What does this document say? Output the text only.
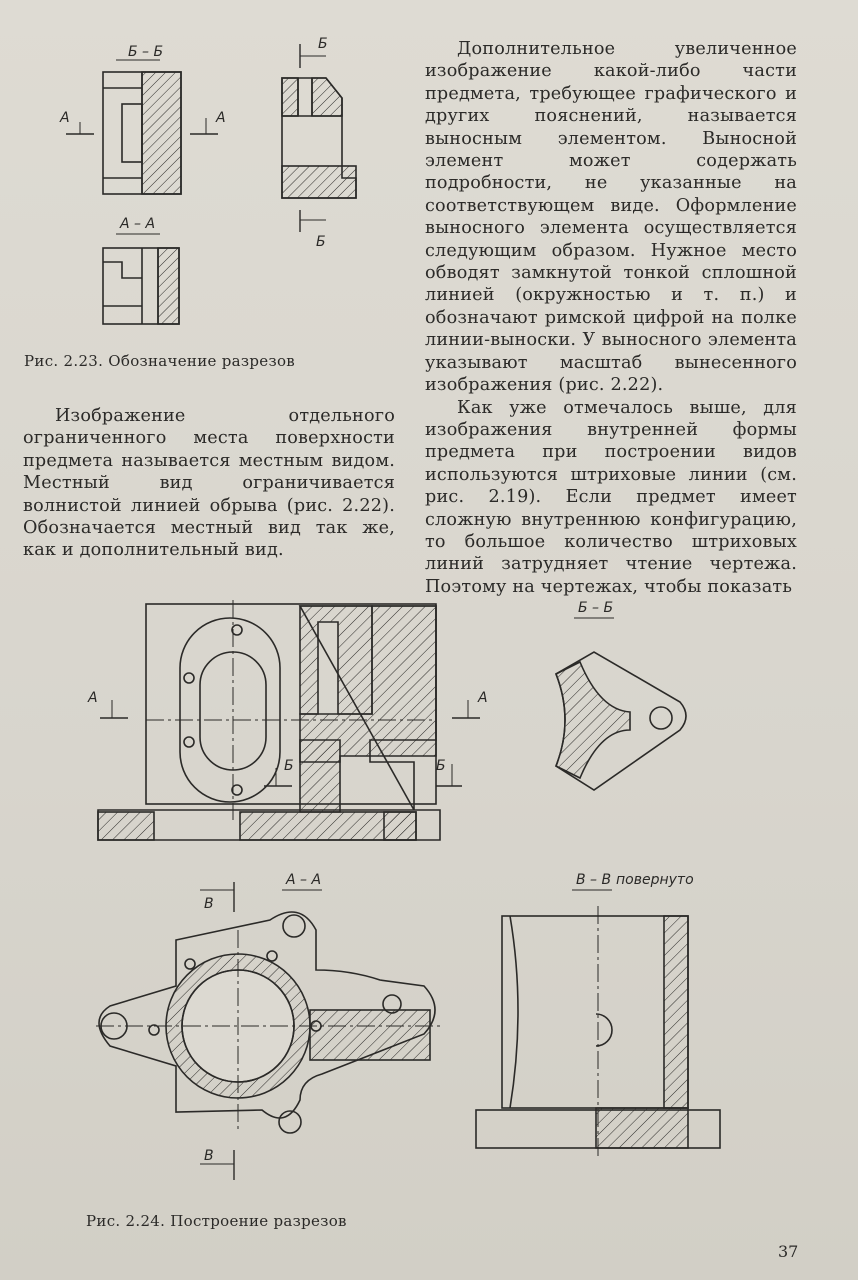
Б – Б
А	А
А – А
Б
Б
Рис. 2.23. Обозначение разрезов

Дополнительное увеличенное изображение какой-либо части предмета, требующее графического и других пояснений, называется выносным элементом. Выносной элемент может содержать подробности, не указанные на соответствующем виде. Оформление выносного элемента осуществляется следующим образом. Нужное место обводят замкнутой тонкой сплошной линией (окружностью и т. п.) и обозначают римской цифрой на полке линии-выноски. У выносного элемента указывают масштаб вынесенного изображения (рис. 2.22).

Как уже отмечалось выше, для изображения внутренней формы предмета при построении видов используются штриховые линии (см. рис. 2.19). Если предмет имеет сложную внутреннюю конфигурацию, то большое количество штриховых линий затрудняет чтение чертежа. Поэтому на чертежах, чтобы показать

Изображение отдельного ограниченного места поверхности предмета называется местным видом. Местный вид ограничивается волнистой линией обрыва (рис. 2.22). Обозначается местный вид так же, как и дополнительный вид.

А	А
Б	Б
Б – Б
А – А
В
В
В – В повернуто
Рис. 2.24. Построение разрезов
37
